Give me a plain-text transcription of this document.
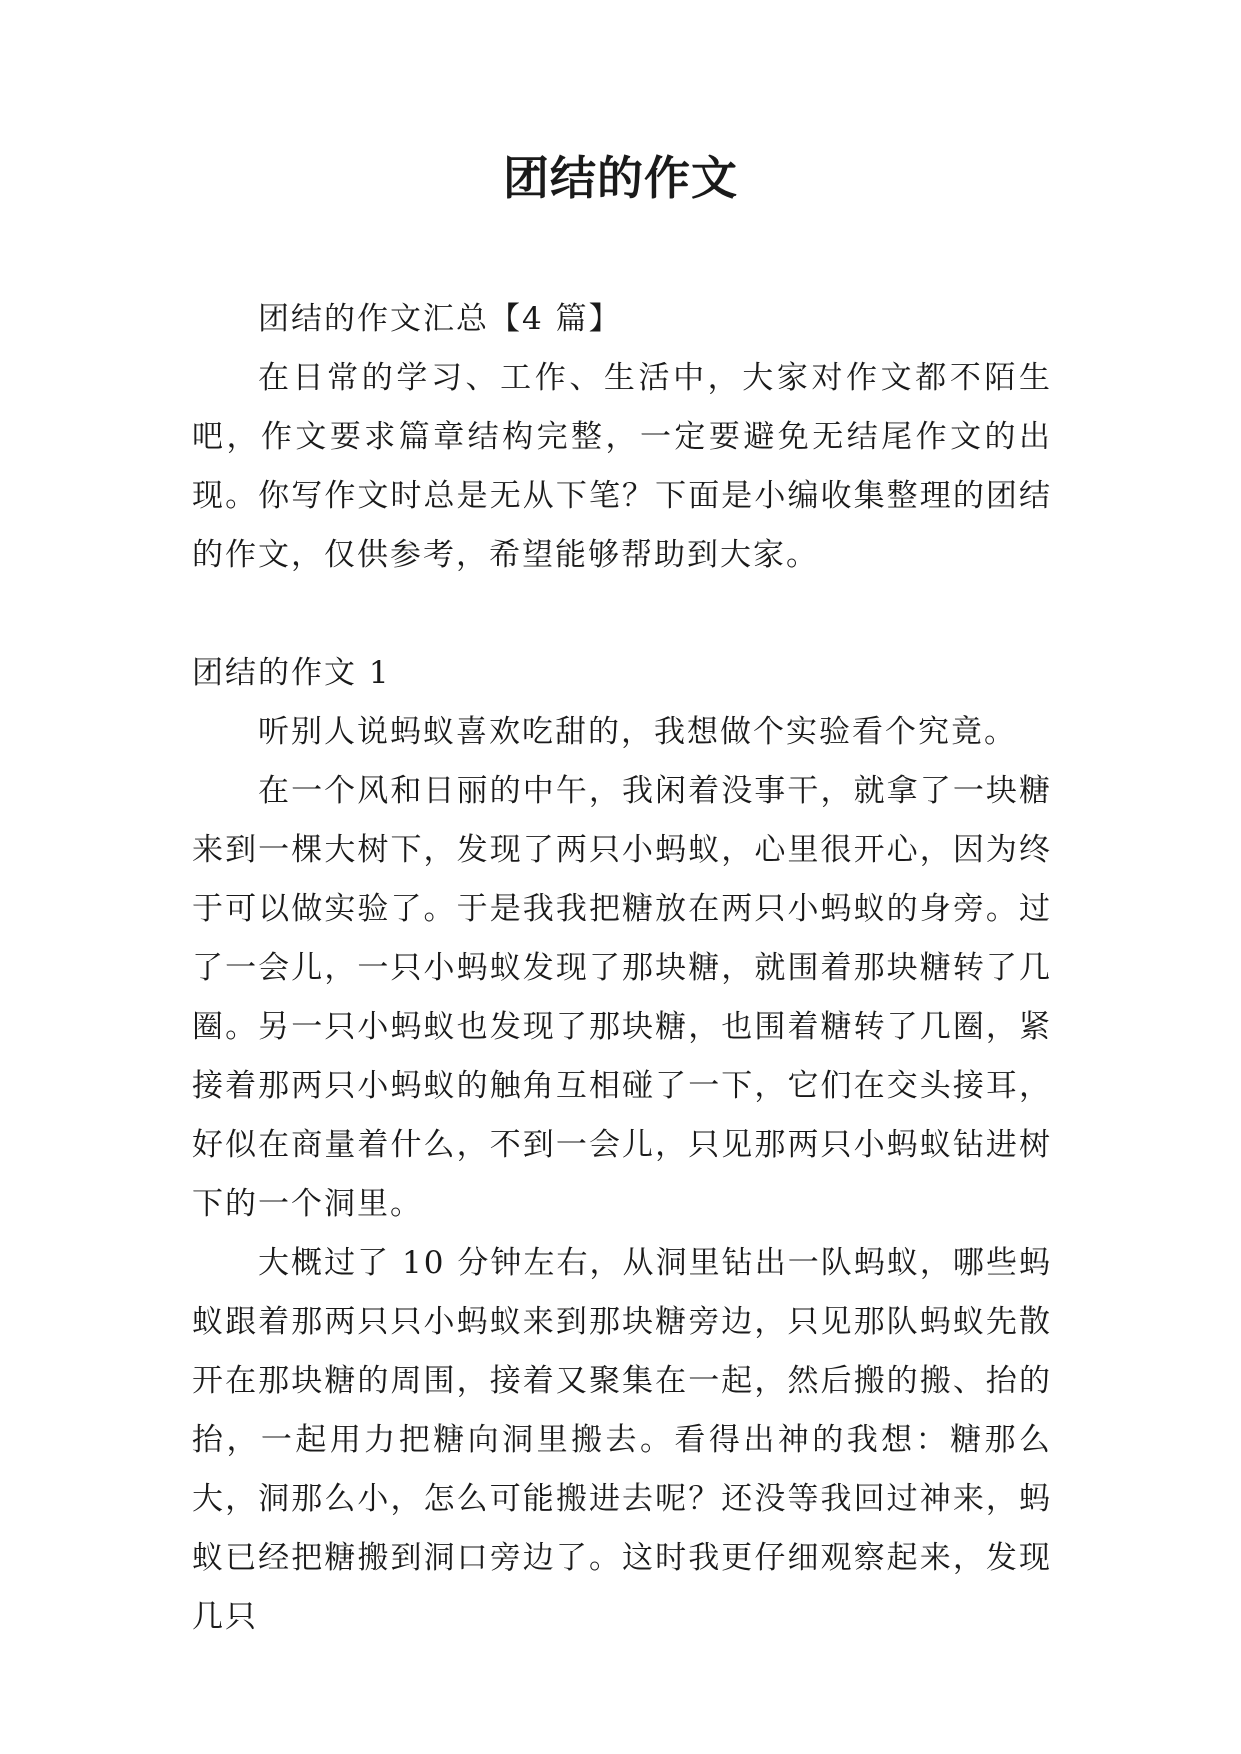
团结的作文

团结的作文汇总【4 篇】

在日常的学习、工作、生活中，大家对作文都不陌生吧，作文要求篇章结构完整，一定要避免无结尾作文的出现。你写作文时总是无从下笔？下面是小编收集整理的团结的作文，仅供参考，希望能够帮助到大家。

团结的作文 1

听别人说蚂蚁喜欢吃甜的，我想做个实验看个究竟。

在一个风和日丽的中午，我闲着没事干，就拿了一块糖来到一棵大树下，发现了两只小蚂蚁，心里很开心，因为终于可以做实验了。于是我我把糖放在两只小蚂蚁的身旁。过了一会儿，一只小蚂蚁发现了那块糖，就围着那块糖转了几圈。另一只小蚂蚁也发现了那块糖，也围着糖转了几圈，紧接着那两只小蚂蚁的触角互相碰了一下，它们在交头接耳，好似在商量着什么，不到一会儿，只见那两只小蚂蚁钻进树下的一个洞里。

大概过了 10 分钟左右，从洞里钻出一队蚂蚁，哪些蚂蚁跟着那两只只小蚂蚁来到那块糖旁边，只见那队蚂蚁先散开在那块糖的周围，接着又聚集在一起，然后搬的搬、抬的抬，一起用力把糖向洞里搬去。看得出神的我想：糖那么大，洞那么小，怎么可能搬进去呢？还没等我回过神来，蚂蚁已经把糖搬到洞口旁边了。这时我更仔细观察起来，发现几只
